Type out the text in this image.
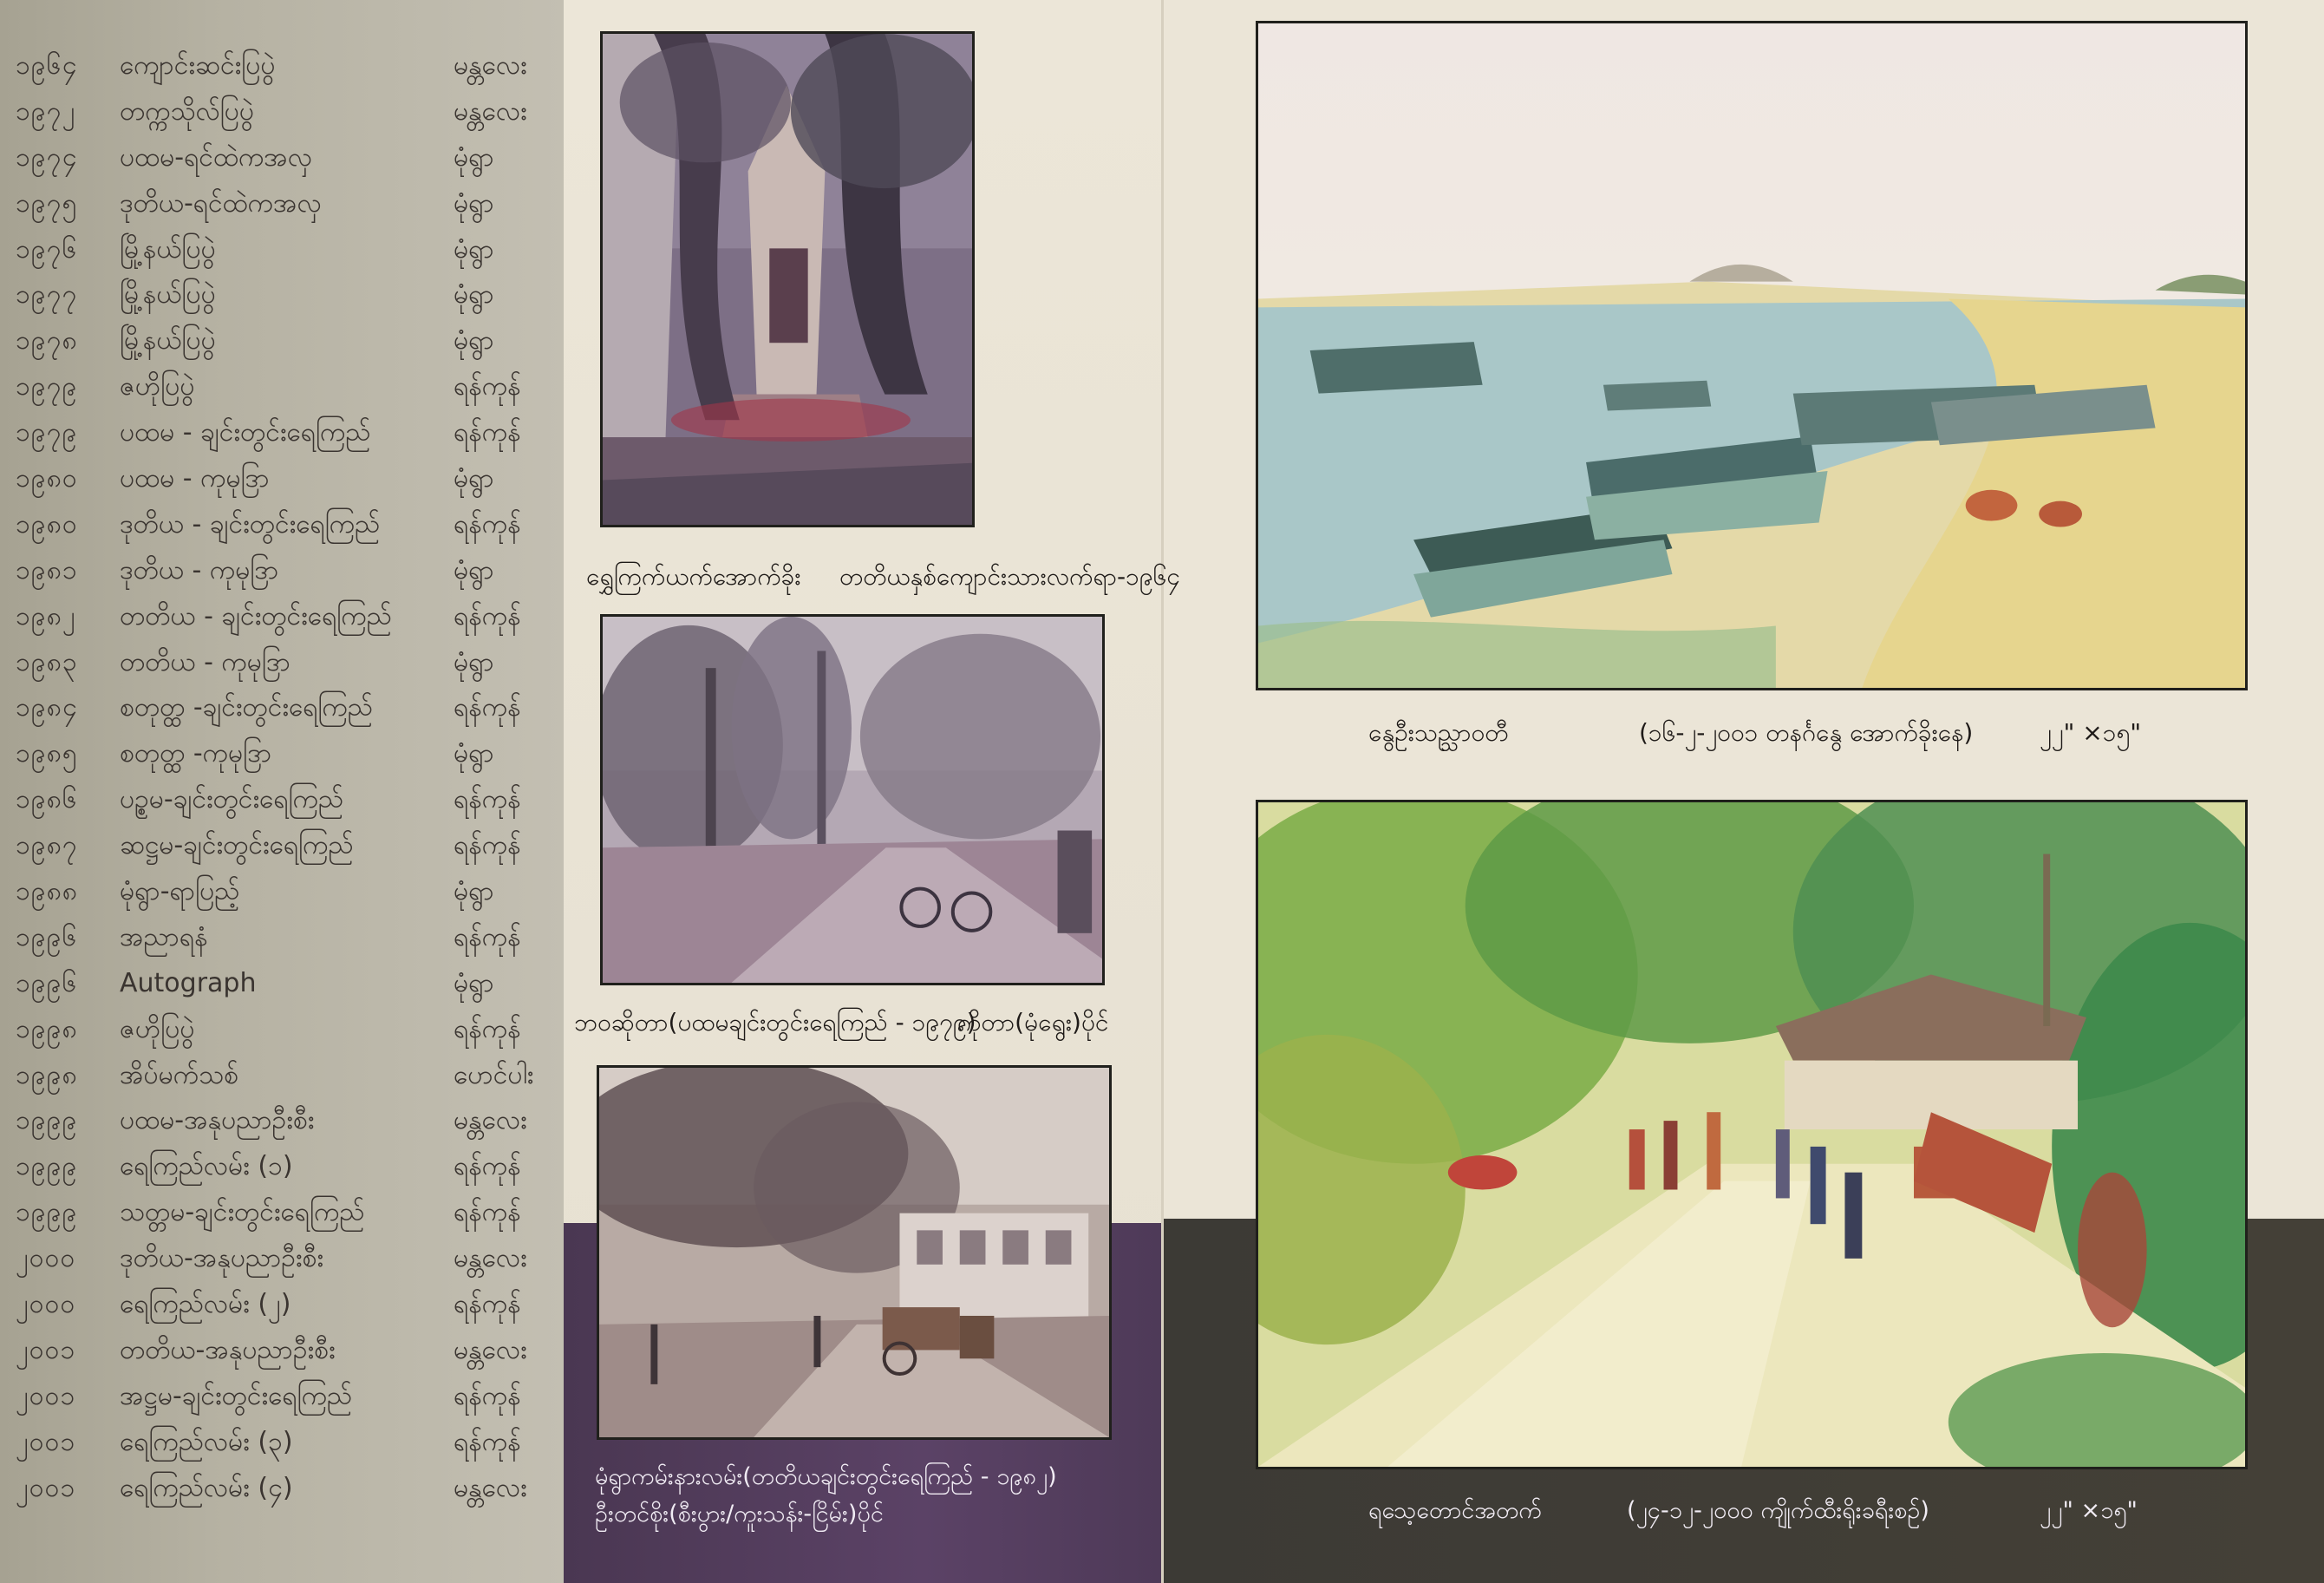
၁၉၆၄	ကျောင်းဆင်းပြပွဲ	မန္တလေး
၁၉၇၂	တက္ကသိုလ်ပြပွဲ	မန္တလေး
၁၉၇၄	ပထမ-ရင်ထဲကအလှ	မုံရွာ
၁၉၇၅	ဒုတိယ-ရင်ထဲကအလှ	မုံရွာ
၁၉၇၆	မြို့နယ်ပြပွဲ	မုံရွာ
၁၉၇၇	မြို့နယ်ပြပွဲ	မုံရွာ
၁၉၇၈	မြို့နယ်ပြပွဲ	မုံရွာ
၁၉၇၉	ဇဟိုပြပွဲ	ရန်ကုန်
၁၉၇၉	ပထမ - ချင်းတွင်းရေကြည်	ရန်ကုန်
၁၉၈၀	ပထမ - ကုမုဒြာ	မုံရွာ
၁၉၈၀	ဒုတိယ - ချင်းတွင်းရေကြည်	ရန်ကုန်
၁၉၈၁	ဒုတိယ - ကုမုဒြာ	မုံရွာ
၁၉၈၂	တတိယ - ချင်းတွင်းရေကြည်	ရန်ကုန်
၁၉၈၃	တတိယ - ကုမုဒြာ	မုံရွာ
၁၉၈၄	စတုတ္ထ -ချင်းတွင်းရေကြည်	ရန်ကုန်
၁၉၈၅	စတုတ္ထ -ကုမုဒြာ	မုံရွာ
၁၉၈၆	ပဉ္စမ-ချင်းတွင်းရေကြည်	ရန်ကုန်
၁၉၈၇	ဆဋ္ဌမ-ချင်းတွင်းရေကြည်	ရန်ကုန်
၁၉၈၈	မုံရွာ-ရာပြည့်	မုံရွာ
၁၉၉၆	အညာရနံ	ရန်ကုန်
၁၉၉၆	Autograph	မုံရွာ
၁၉၉၈	ဇဟိုပြပွဲ	ရန်ကုန်
၁၉၉၈	အိပ်မက်သစ်	ပောင်ပါး
၁၉၉၉	ပထမ-အနုပညာဦးစီး	မန္တလေး
၁၉၉၉	ရေကြည်လမ်း (၁)	ရန်ကုန်
၁၉၉၉	သတ္တမ-ချင်းတွင်းရေကြည်	ရန်ကုန်
၂၀၀၀	ဒုတိယ-အနုပညာဦးစီး	မန္တလေး
၂၀၀၀	ရေကြည်လမ်း (၂)	ရန်ကုန်
၂၀၀၁	တတိယ-အနုပညာဦးစီး	မန္တလေး
၂၀၀၁	အဋ္ဌမ-ချင်းတွင်းရေကြည်	ရန်ကုန်
၂၀၀၁	ရေကြည်လမ်း (၃)	ရန်ကုန်
၂၀၀၁	ရေကြည်လမ်း (၄)	မန္တလေး
ရွှေကြက်ယက်အောက်ခိုး တတိယနှစ်ကျောင်းသားလက်ရာ-၁၉၆၄
ဘဝဆိုတာ(ပထမချင်းတွင်းရေကြည် - ၁၉၇၉)
ကိုတာ(မုံရွေး)ပိုင်
မုံရွာကမ်းနားလမ်း(တတိယချင်းတွင်းရေကြည် - ၁၉၈၂)
ဦးတင်စိုး(စီးပွား/ကူးသန်း-ငြိမ်း)ပိုင်
နွေဦးသည္သာဝတီ	(၁၆-၂-၂၀၀၁ တနင်္ဂနွေ အောက်ခိုးနေ)	၂၂" ×၁၅"
ရသေ့တောင်အတက်	(၂၄-၁၂-၂၀၀၀ ကျိုက်ထီးရိုးခရီးစဉ်)	၂၂" ×၁၅"
